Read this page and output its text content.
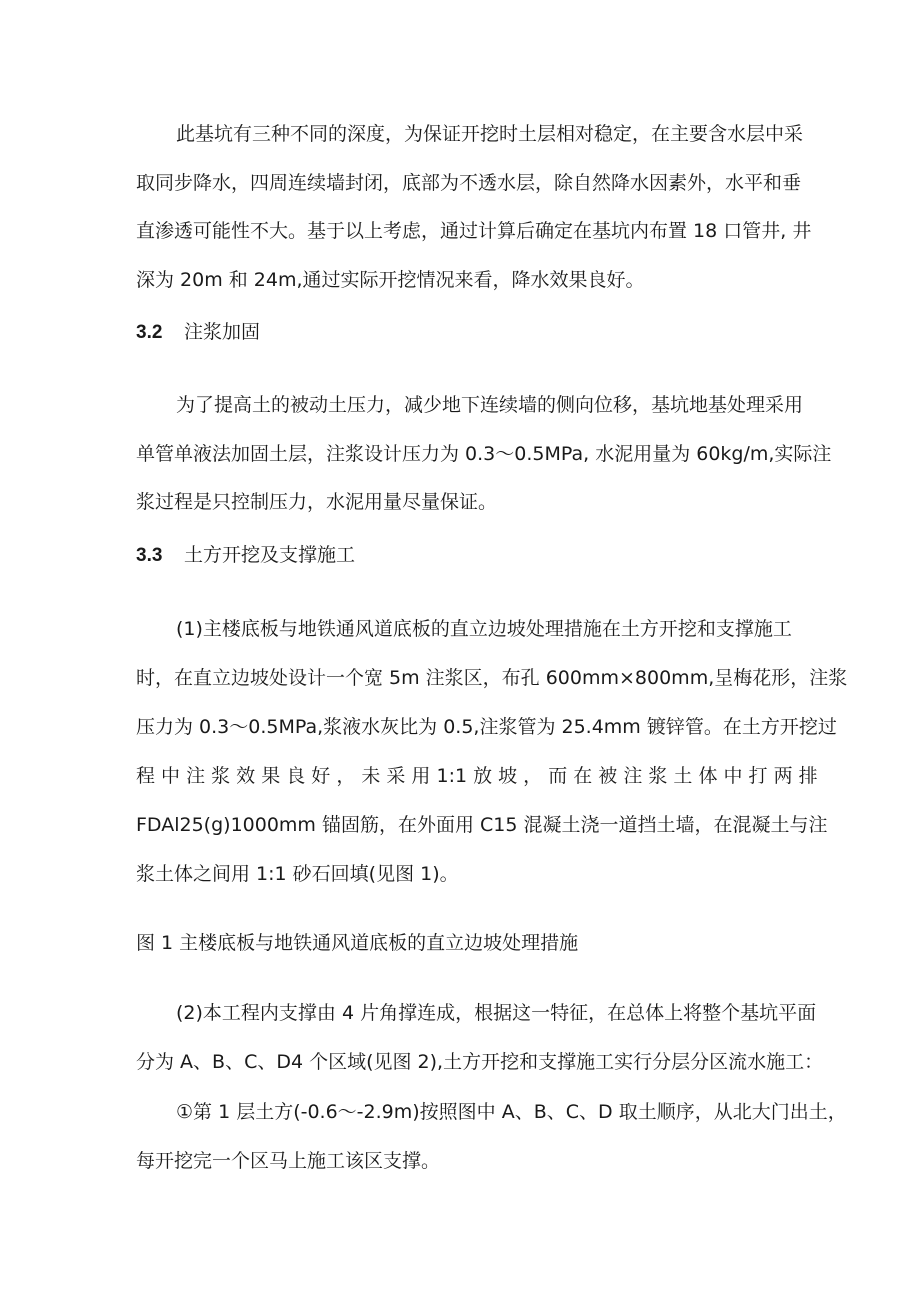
此基坑有三种不同的深度，为保证开挖时土层相对稳定，在主要含水层中采

取同步降水，四周连续墙封闭，底部为不透水层，除自然降水因素外，水平和垂

直渗透可能性不大。基于以上考虑，通过计算后确定在基坑内布置 18 口管井, 井

深为 20m 和 24m,通过实际开挖情况来看，降水效果良好。

3.2 注浆加固

为了提高土的被动土压力，减少地下连续墙的侧向位移，基坑地基处理采用

单管单液法加固土层，注浆设计压力为 0.3～0.5MPa, 水泥用量为 60kg∕m,实际注

浆过程是只控制压力，水泥用量尽量保证。

3.3 土方开挖及支撑施工

(1)主楼底板与地铁通风道底板的直立边坡处理措施在土方开挖和支撑施工

时，在直立边坡处设计一个宽 5m 注浆区，布孔 600mm×800mm,呈梅花形，注浆

压力为 0.3～0.5MPa,浆液水灰比为 0.5,注浆管为 25.4mm 镀锌管。在土方开挖过

程 中 注 浆 效 果 良 好 ， 未 采 用 1:1 放 坡 ， 而 在 被 注 浆 土 体 中 打 两 排

FDAl25(g)1000mm 锚固筋，在外面用 C15 混凝土浇一道挡土墙，在混凝土与注

浆土体之间用 1:1 砂石回填(见图 1)。

图 1 主楼底板与地铁通风道底板的直立边坡处理措施

(2)本工程内支撑由 4 片角撑连成，根据这一特征，在总体上将整个基坑平面

分为 A、B、C、D4 个区域(见图 2),土方开挖和支撑施工实行分层分区流水施工：

①第 1 层土方(-0.6～-2.9m)按照图中 A、B、C、D 取土顺序，从北大门出土，

每开挖完一个区马上施工该区支撑。
